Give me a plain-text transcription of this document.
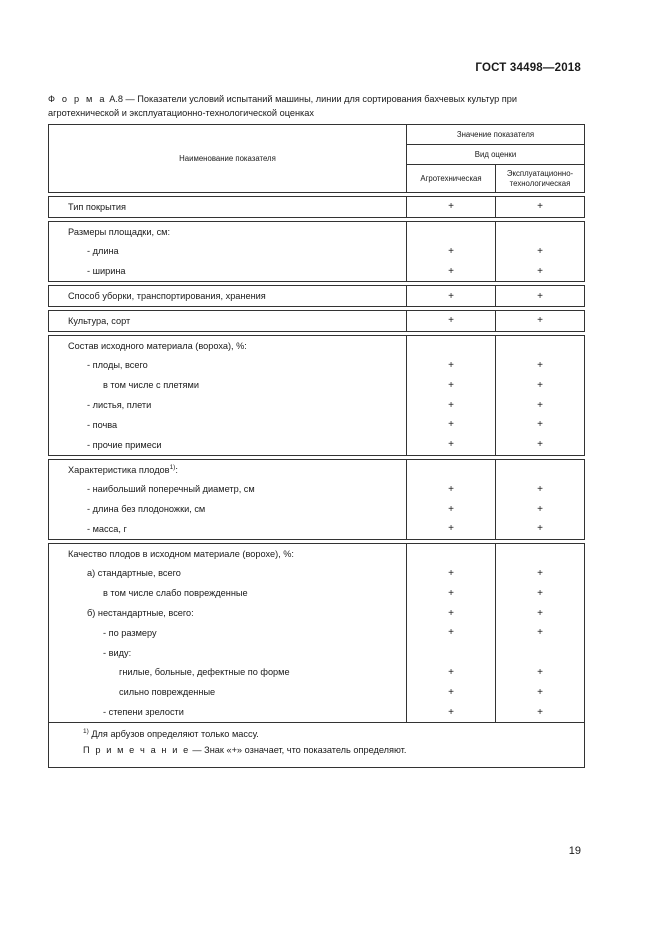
ГОСТ 34498—2018
Ф о р м а А.8 — Показатели условий испытаний машины, линии для сортирования бахчевых культур при агротехнической и эксплуатационно-технологической оценках
Наименование показателя	Значение показателя	
	Вид оценки	
	Агротехническая	Эксплуатационно-технологическая

Тип покрытия	+	+

Размеры площадки, см:		
- длина	+	+
- ширина	+	+

Способ уборки, транспортирования, хранения	+	+

Культура, сорт	+	+

Состав исходного материала (вороха), %:		
- плоды, всего	+	+
в том числе с плетями	+	+
- листья, плети	+	+
- почва	+	+
- прочие примеси	+	+

Характеристика плодов$^{1)}$:		
- наибольший поперечный диаметр, см	+	+
- длина без плодоножки, см	+	+
- масса, г	+	+

Качество плодов в исходном материале (ворохе), %:		
а) стандартные, всего	+	+
в том числе слабо поврежденные	+	+
б) нестандартные, всего:	+	+
- по размеру	+	+
- виду:		
гнилые, больные, дефектные по форме	+	+
сильно поврежденные	+	+
- степени зрелости	+	+
$^{1)}$ Для арбузов определяют только массу.		
П р и м е ч а н и е — Знак «+» означает, что показатель определяют.		
19
